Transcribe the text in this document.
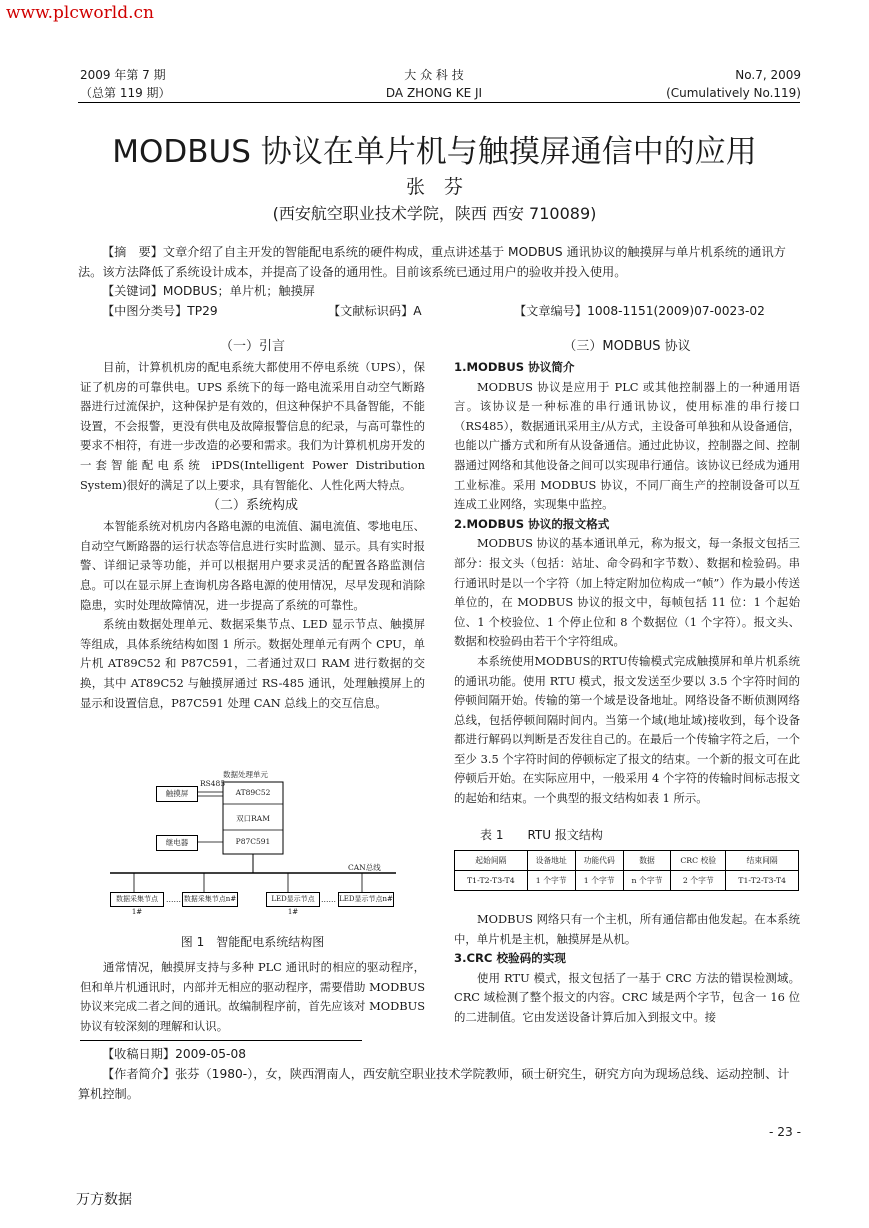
www.plcworld.cn
2009 年第 7 期
（总第 119 期）
大 众 科 技
DA ZHONG KE JI
No.7, 2009
(Cumulatively No.119)
MODBUS 协议在单片机与触摸屏通信中的应用
张　芬
(西安航空职业技术学院，陕西 西安 710089)
【摘　要】文章介绍了自主开发的智能配电系统的硬件构成，重点讲述基于 MODBUS 通讯协议的触摸屏与单片机系统的通讯方法。该方法降低了系统设计成本，并提高了设备的通用性。目前该系统已通过用户的验收并投入使用。
【关键词】MODBUS；单片机；触摸屏
【中图分类号】TP29	【文献标识码】A	【文章编号】1008-1151(2009)07-0023-02
（一）引言

目前，计算机机房的配电系统大都使用不停电系统（UPS），保证了机房的可靠供电。UPS 系统下的每一路电流采用自动空气断路器进行过流保护，这种保护是有效的，但这种保护不具备智能，不能设置，不会报警，更没有供电及故障报警信息的纪录，与高可靠性的要求不相符，有进一步改造的必要和需求。我们为计算机机房开发的一套智能配电系统 iPDS(Intelligent Power Distribution System)很好的满足了以上要求，具有智能化、人性化两大特点。

（二）系统构成

本智能系统对机房内各路电源的电流值、漏电流值、零地电压、自动空气断路器的运行状态等信息进行实时监测、显示。具有实时报警、详细记录等功能，并可以根据用户要求灵活的配置各路监测信息。可以在显示屏上查询机房各路电源的使用情况，尽早发现和消除隐患，实时处理故障情况，进一步提高了系统的可靠性。

系统由数据处理单元、数据采集节点、LED 显示节点、触摸屏等组成，具体系统结构如图 1 所示。数据处理单元有两个 CPU，单片机 AT89C52 和 P87C591，二者通过双口 RAM 进行数据的交换，其中 AT89C52 与触摸屏通过 RS-485 通讯，处理触摸屏上的显示和设置信息，P87C591 处理 CAN 总线上的交互信息。

数据处理单元
RS485
触摸屏	AT89C52
双口RAM
P87C591
继电器
CAN总线
数据采集节点1#
…… 数据采集节点n#	LED显示节点1#
…… LED显示节点n#
图 1　智能配电系统结构图

通常情况，触摸屏支持与多种 PLC 通讯时的相应的驱动程序，但和单片机通讯时，内部并无相应的驱动程序，需要借助 MODBUS 协议来完成二者之间的通讯。故编制程序前，首先应该对 MODBUS 协议有较深刻的理解和认识。

（三）MODBUS 协议
1.MODBUS 协议简介

MODBUS 协议是应用于 PLC 或其他控制器上的一种通用语言。该协议是一种标准的串行通讯协议，使用标准的串行接口（RS485），数据通讯采用主/从方式，主设备可单独和从设备通信，也能以广播方式和所有从设备通信。通过此协议，控制器之间、控制器通过网络和其他设备之间可以实现串行通信。该协议已经成为通用工业标准。采用 MODBUS 协议，不同厂商生产的控制设备可以互连成工业网络，实现集中监控。

2.MODBUS 协议的报文格式

MODBUS 协议的基本通讯单元，称为报文，每一条报文包括三部分：报文头（包括：站址、命令码和字节数）、数据和检验码。串行通讯时是以一个字符（加上特定附加位构成一“帧”）作为最小传送单位的，在 MODBUS 协议的报文中，每帧包括 11 位：1 个起始位、1 个校验位、1 个停止位和 8 个数据位（1 个字符）。报文头、数据和校验码由若干个字符组成。

本系统使用MODBUS的RTU传输模式完成触摸屏和单片机系统的通讯功能。使用 RTU 模式，报文发送至少要以 3.5 个字符时间的停顿间隔开始。传输的第一个域是设备地址。网络设备不断侦测网络总线，包括停顿间隔时间内。当第一个域(地址域)接收到，每个设备都进行解码以判断是否发往自己的。在最后一个传输字符之后，一个至少 3.5 个字符时间的停顿标定了报文的结束。一个新的报文可在此停顿后开始。在实际应用中，一般采用 4 个字符的传输时间标志报文的起始和结束。一个典型的报文结构如表 1 所示。

表 1　　RTU 报文结构
起始间隔	设备地址	功能代码	数据	CRC 校验	结束间隔
T1-T2-T3-T4	1 个字节	1 个字节	n 个字节	2 个字节	T1-T2-T3-T4

MODBUS 网络只有一个主机，所有通信都由他发起。在本系统中，单片机是主机，触摸屏是从机。

3.CRC 校验码的实现

使用 RTU 模式，报文包括了一基于 CRC 方法的错误检测域。CRC 域检测了整个报文的内容。CRC 域是两个字节，包含一 16 位的二进制值。它由发送设备计算后加入到报文中。接

【收稿日期】2009-05-08
【作者简介】张芬（1980-），女，陕西渭南人，西安航空职业技术学院教师，硕士研究生，研究方向为现场总线、运动控制、计算机控制。
- 23 -
万方数据
